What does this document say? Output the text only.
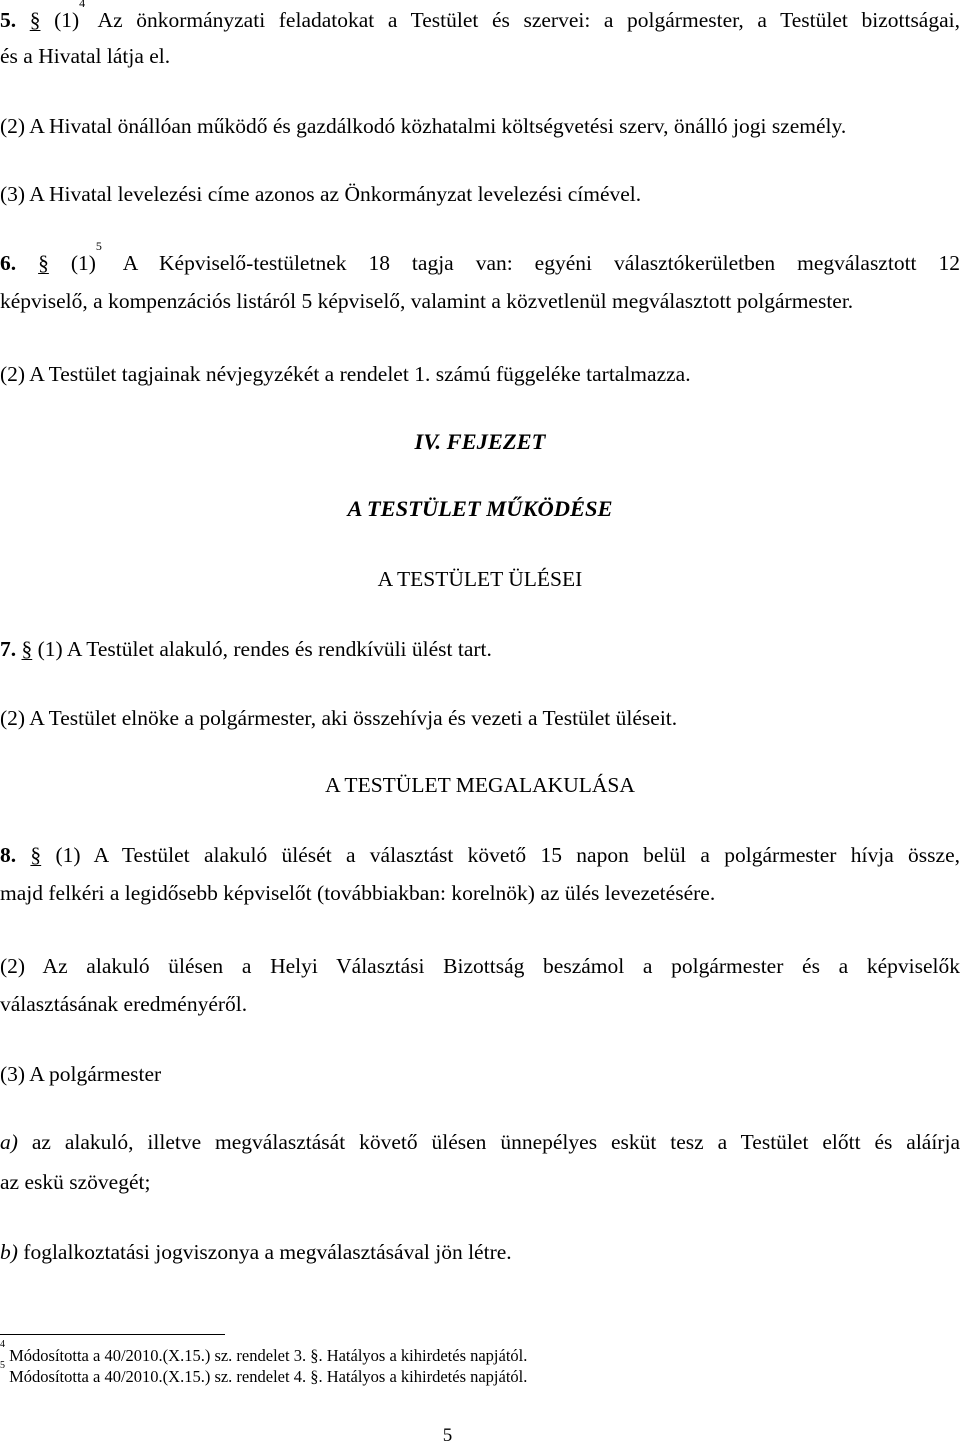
5. § (1)$^4$ Az önkormányzati feladatokat a Testület és szervei: a polgármester, a Testület bizottságai,
és a Hivatal látja el.
(2) A Hivatal önállóan működő és gazdálkodó közhatalmi költségvetési szerv, önálló jogi személy.
(3) A Hivatal levelezési címe azonos az Önkormányzat levelezési címével.
6. § (1)$^5$ A Képviselő-testületnek 18 tagja van: egyéni választókerületben megválasztott 12
képviselő, a kompenzációs listáról 5 képviselő, valamint a közvetlenül megválasztott polgármester.
(2) A Testület tagjainak névjegyzékét a rendelet 1. számú függeléke tartalmazza.
IV. FEJEZET
A TESTÜLET MŰKÖDÉSE
A TESTÜLET ÜLÉSEI
7. § (1) A Testület alakuló, rendes és rendkívüli ülést tart.
(2) A Testület elnöke a polgármester, aki összehívja és vezeti a Testület üléseit.
A TESTÜLET MEGALAKULÁSA
8. § (1) A Testület alakuló ülését a választást követő 15 napon belül a polgármester hívja össze,
majd felkéri a legidősebb képviselőt (továbbiakban: korelnök) az ülés levezetésére.
(2) Az alakuló ülésen a Helyi Választási Bizottság beszámol a polgármester és a képviselők
választásának eredményéről.
(3) A polgármester
a) az alakuló, illetve megválasztását követő ülésen ünnepélyes esküt tesz a Testület előtt és aláírja
az eskü szövegét;
b) foglalkoztatási jogviszonya a megválasztásával jön létre.
$^4$ Módosította a 40/2010.(X.15.) sz. rendelet 3. §. Hatályos a kihirdetés napjától.
$^5$ Módosította a 40/2010.(X.15.) sz. rendelet 4. §. Hatályos a kihirdetés napjától.
5
